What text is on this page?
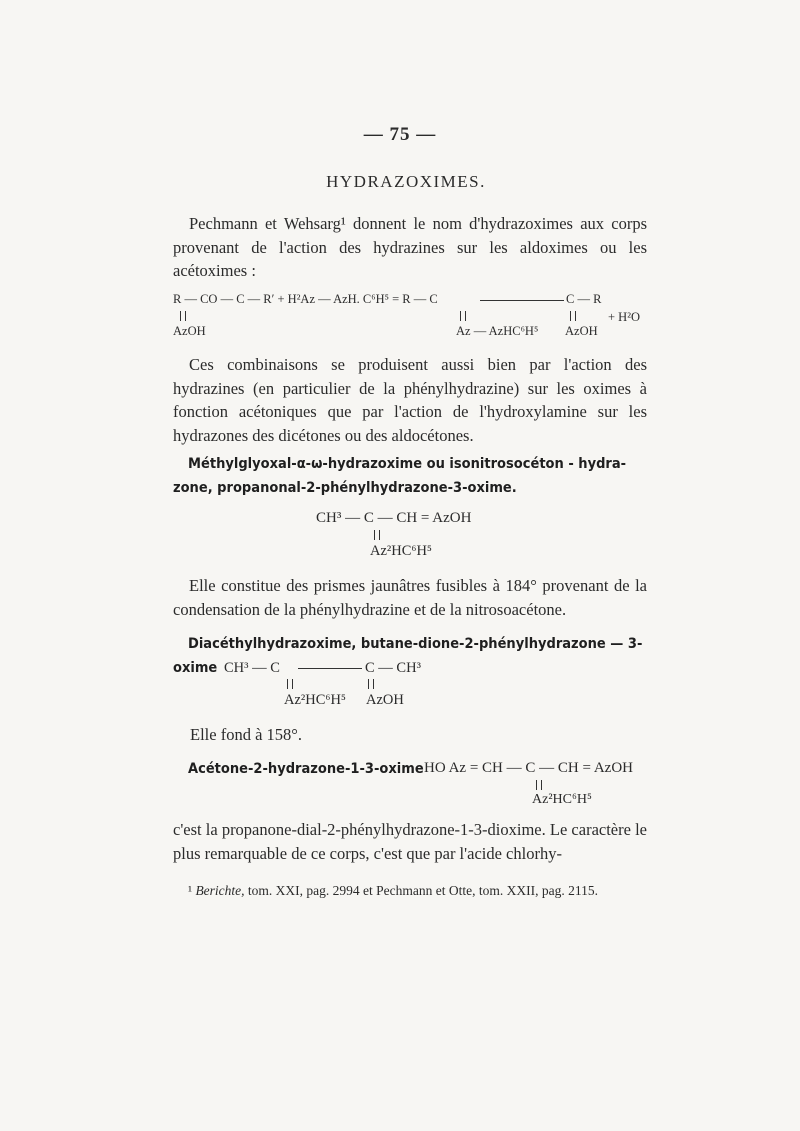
— 75 —
HYDRAZOXIMES.
Pechmann et Wehsarg¹ donnent le nom d'hydrazoximes aux corps provenant de l'action des hydrazines sur les aldoximes ou les acétoximes :
R — CO — C — R′ + H²Az — AzH. C⁶H⁵ = R — C	C — R
+ H²O
AzOH	Az — AzHC⁶H⁵ AzOH
Ces combinaisons se produisent aussi bien par l'action des hydrazines (en particulier de la phénylhydrazine) sur les oximes à fonction acétoniques que par l'action de l'hydroxylamine sur les hydrazones des dicétones ou des aldocétones.
Méthylglyoxal-α-ω-hydrazoxime ou isonitrosocéton - hydra-
zone, propanonal-2-phénylhydrazone-3-oxime.
CH³ — C — CH = AzOH
Az²HC⁶H⁵
Elle constitue des prismes jaunâtres fusibles à 184° provenant de la condensation de la phénylhydrazine et de la nitrosoacétone.
Diacéthylhydrazoxime, butane-dione-2-phénylhydrazone — 3-
oxime CH³ — C	C — CH³
Az²HC⁶H⁵ AzOH
Elle fond à 158°.
Acétone-2-hydrazone-1-3-oxime HO Az = CH — C — CH = AzOH
Az²HC⁶H⁵
c'est la propanone-dial-2-phénylhydrazone-1-3-dioxime. Le caractère le plus remarquable de ce corps, c'est que par l'acide chlorhy-
¹ Berichte, tom. XXI, pag. 2994 et Pechmann et Otte, tom. XXII, pag. 2115.
